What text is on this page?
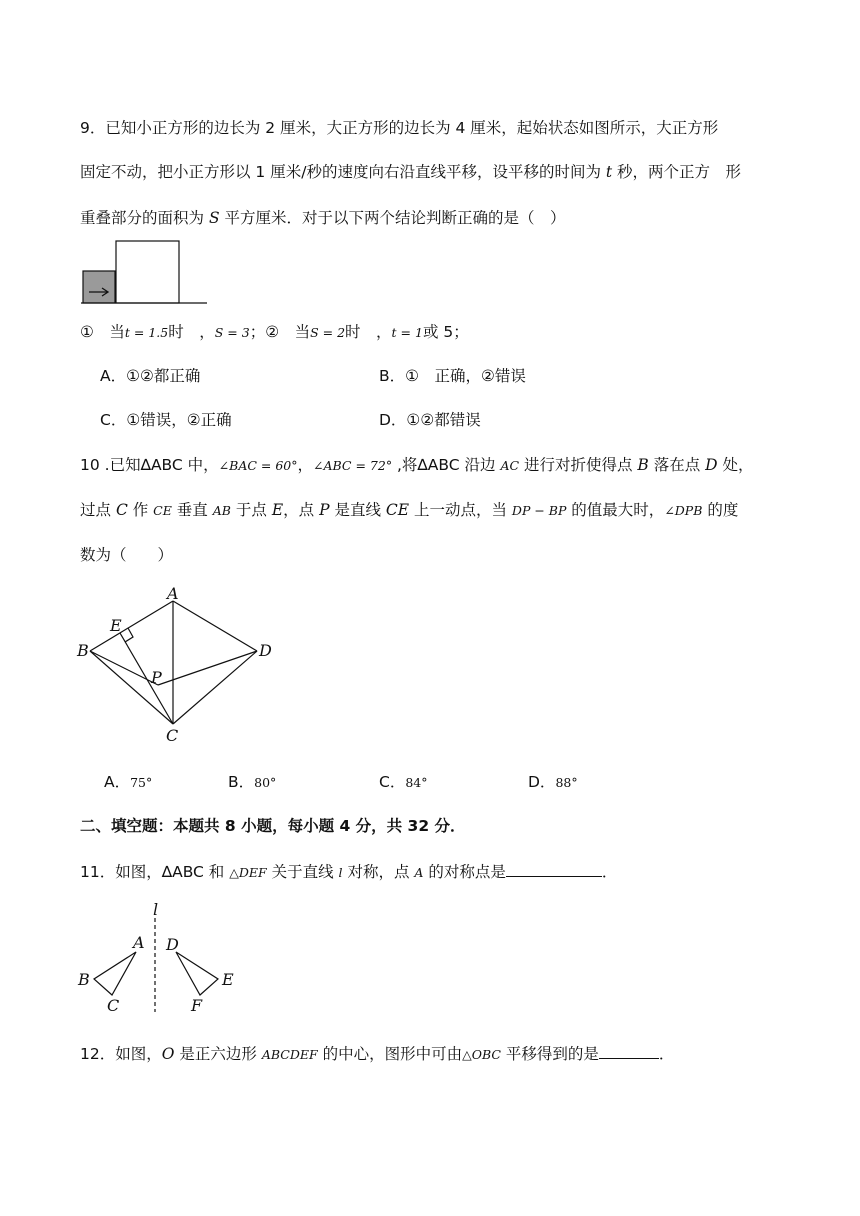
9．已知小正方形的边长为 2 厘米，大正方形的边长为 4 厘米，起始状态如图所示，大正方形
固定不动，把小正方形以 1 厘米/秒的速度向右沿直线平移，设平移的时间为 t 秒，两个正方　形
重叠部分的面积为 S 平方厘米．对于以下两个结论判断正确的是（　）
①　当t = 1.5时　，S = 3；②　当S = 2时　，t = 1或 5；
A．①②都正确	B．①　正确，②错误
C．①错误，②正确	D．①②都错误
10 .已知∆ABC 中，∠BAC = 60°，∠ABC = 72° ,将∆ABC 沿边 AC 进行对折使得点 B 落在点 D 处，
过点 C 作 CE 垂直 AB 于点 E，点 P 是直线 CE 上一动点，当 DP − BP 的值最大时，∠DPB 的度
数为（　　）
A
B
C
D
E
P
A．75°	B．80°	C．84°	D．88°
二、填空题：本题共 8 小题，每小题 4 分，共 32 分．
11．如图，∆ABC 和 △DEF 关于直线 l 对称，点 A 的对称点是	．
l
A
B
C
D
E
F
12．如图，O 是正六边形 ABCDEF 的中心，图形中可由△OBC 平移得到的是	．
